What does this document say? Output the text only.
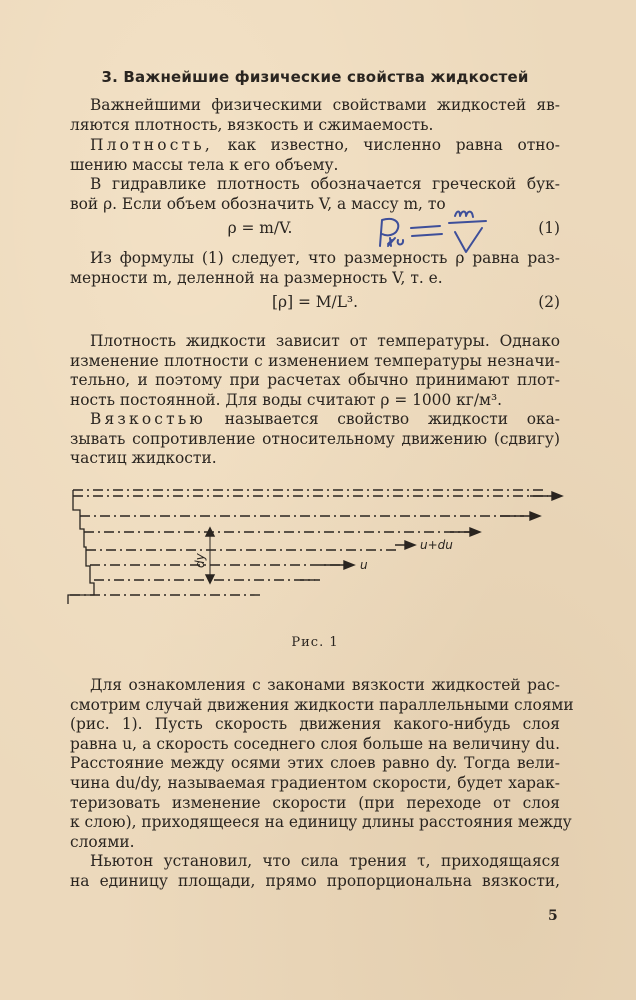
3. Важнейшие физические свойства жидкостей
Важнейшими физическими свойствами жидкостей яв-
ляются плотность, вязкость и сжимаемость.
Плотность, как известно, численно равна отно-
шению массы тела к его объему.
В гидравлике плотность обозначается греческой бук-
вой ρ. Если объем обозначить V, а массу m, то
ρ = m/V.	(1)
Из формулы (1) следует, что размерность ρ равна раз-
мерности m, деленной на размерность V, т. е.
[ρ] = M/L³.	(2)
Плотность жидкости зависит от температуры. Однако
изменение плотности с изменением температуры незначи-
тельно, и поэтому при расчетах обычно принимают плот-
ность постоянной. Для воды считают ρ = 1000 кг/м³.
Вязкостью называется свойство жидкости ока-
зывать сопротивление относительному движению (сдвигу)
частиц жидкости.
u+du
u
dy
Рис. 1
Для ознакомления с законами вязкости жидкостей рас-
смотрим случай движения жидкости параллельными слоями
(рис. 1). Пусть скорость движения какого-нибудь слоя
равна u, а скорость соседнего слоя больше на величину du.
Расстояние между осями этих слоев равно dy. Тогда вели-
чина du/dy, называемая градиентом скорости, будет харак-
теризовать изменение скорости (при переходе от слоя
к слою), приходящееся на единицу длины расстояния между
слоями.
Ньютон установил, что сила трения τ, приходящаяся
на единицу площади, прямо пропорциональна вязкости,
5
